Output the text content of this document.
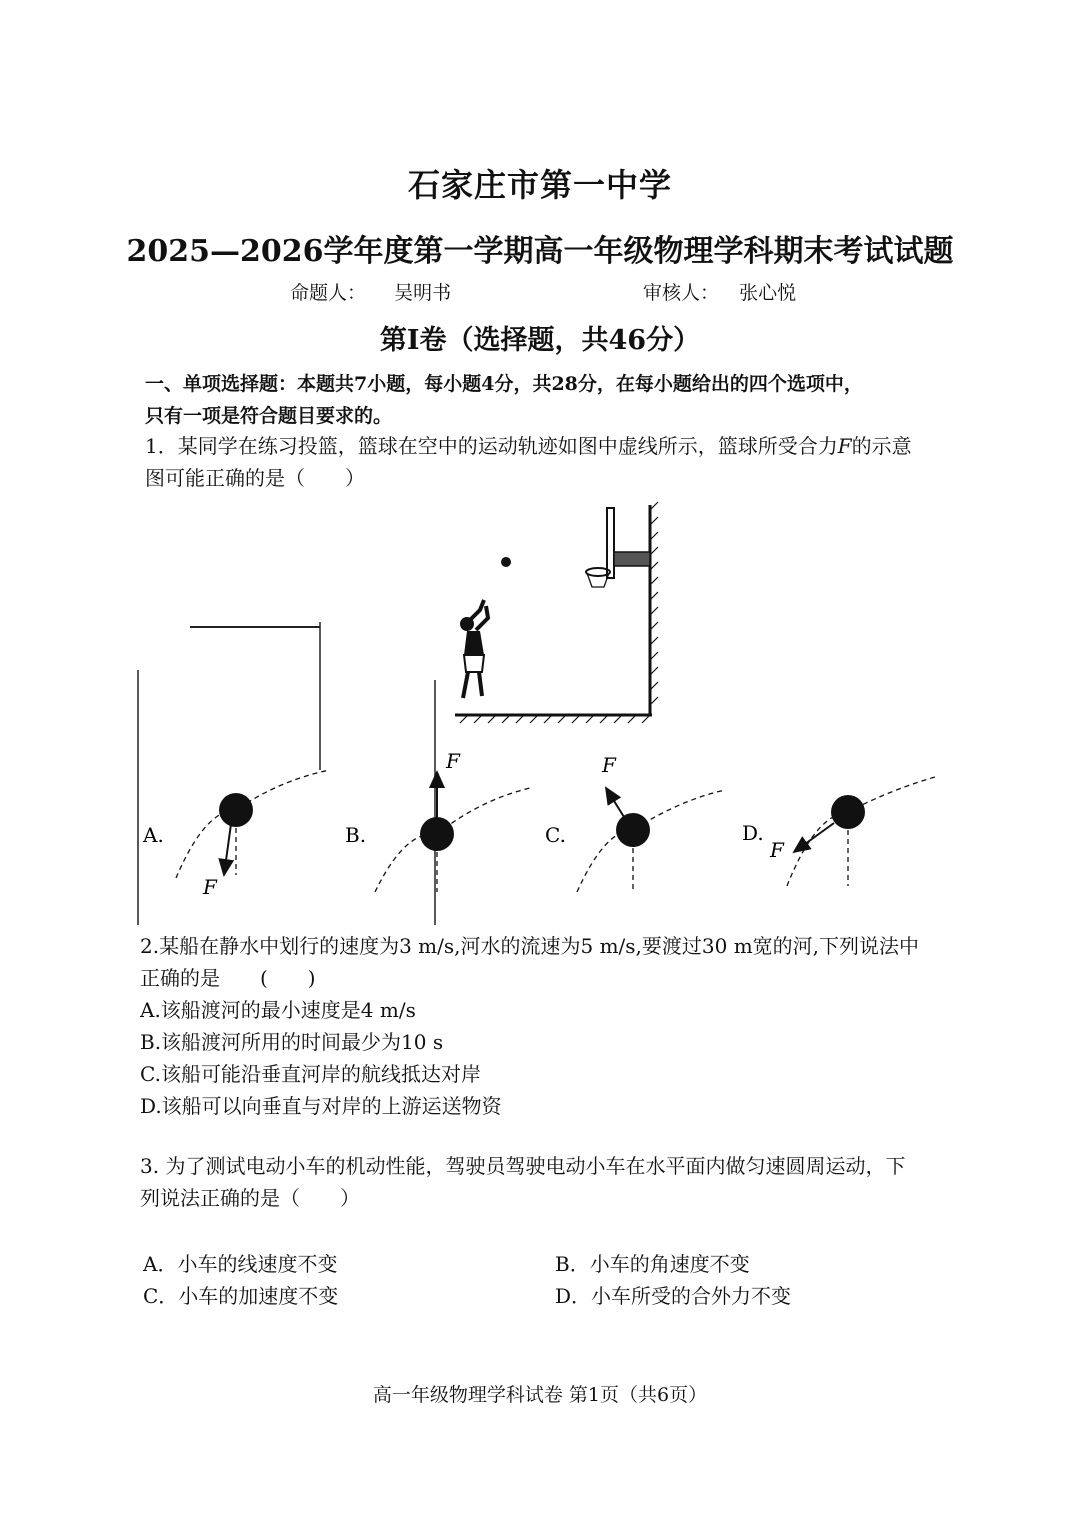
石家庄市第一中学
2025—2026学年度第一学期高一年级物理学科期末考试试题
命题人： 吴明书	审核人： 张心悦
第I卷（选择题，共46分）
一、单项选择题：本题共7小题，每小题4分，共28分，在每小题给出的四个选项中，
只有一项是符合题目要求的。
1．某同学在练习投篮，篮球在空中的运动轨迹如图中虚线所示，篮球所受合力F的示意
图可能正确的是（　　）
A.
F
B.
F
C.
F
D.
F
2.某船在静水中划行的速度为3 m/s,河水的流速为5 m/s,要渡过30 m宽的河,下列说法中
正确的是　　(　　)
A.该船渡河的最小速度是4 m/s
B.该船渡河所用的时间最少为10 s
C.该船可能沿垂直河岸的航线抵达对岸
D.该船可以向垂直与对岸的上游运送物资
3. 为了测试电动小车的机动性能，驾驶员驾驶电动小车在水平面内做匀速圆周运动，下
列说法正确的是（　　）
A．小车的线速度不变	B．小车的角速度不变
C．小车的加速度不变	D．小车所受的合外力不变
高一年级物理学科试卷 第1页（共6页）
